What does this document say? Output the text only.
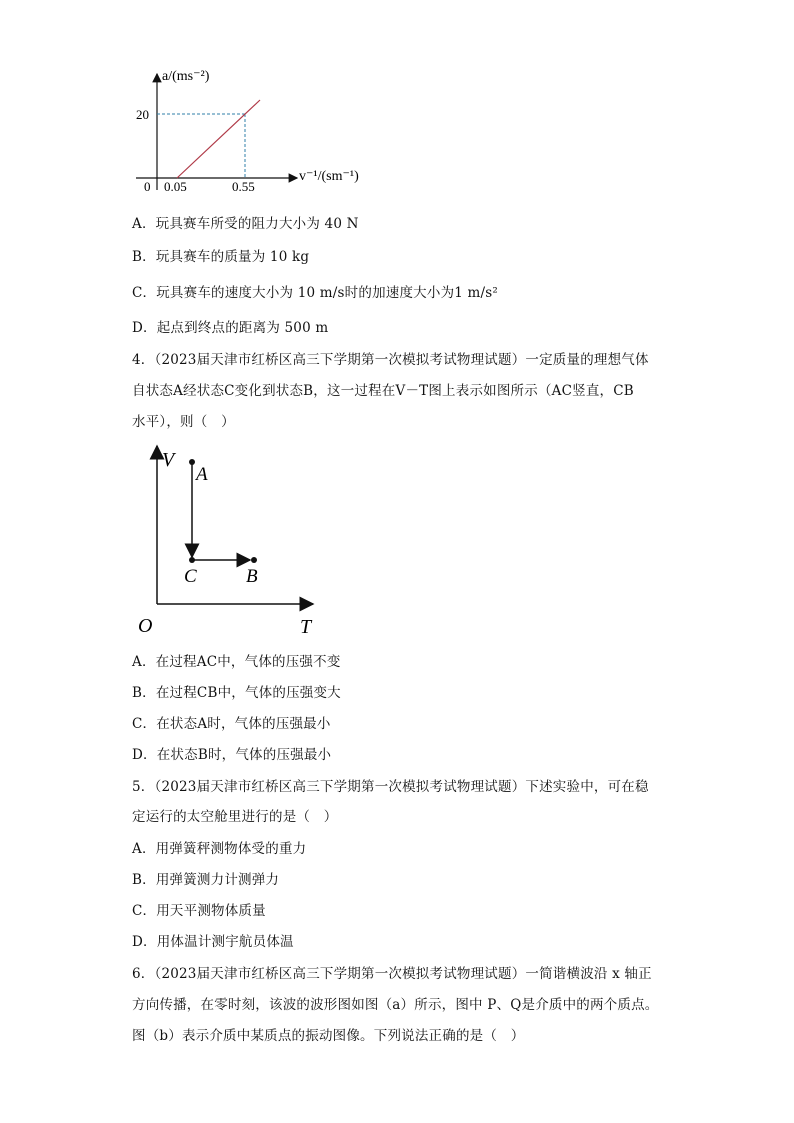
a/(ms⁻²)
v⁻¹/(sm⁻¹)
20
0 0.05	0.55
A．玩具赛车所受的阻力大小为 40 N
B．玩具赛车的质量为 10 kg
C．玩具赛车的速度大小为 10 m/s时的加速度大小为1 m/s²
D．起点到终点的距离为 500 m
4．（2023届天津市红桥区高三下学期第一次模拟考试物理试题）一定质量的理想气体
自状态A经状态C变化到状态B，这一过程在V－T图上表示如图所示（AC竖直，CB
水平），则（　）
V
T
O
A
C	B
A．在过程AC中，气体的压强不变
B．在过程CB中，气体的压强变大
C．在状态A时，气体的压强最小
D．在状态B时，气体的压强最小
5．（2023届天津市红桥区高三下学期第一次模拟考试物理试题）下述实验中，可在稳
定运行的太空舱里进行的是（　）
A．用弹簧秤测物体受的重力
B．用弹簧测力计测弹力
C．用天平测物体质量
D．用体温计测宇航员体温
6．（2023届天津市红桥区高三下学期第一次模拟考试物理试题）一简谐横波沿 x 轴正
方向传播，在零时刻，该波的波形图如图（a）所示，图中 P、Q是介质中的两个质点。
图（b）表示介质中某质点的振动图像。下列说法正确的是（　）
